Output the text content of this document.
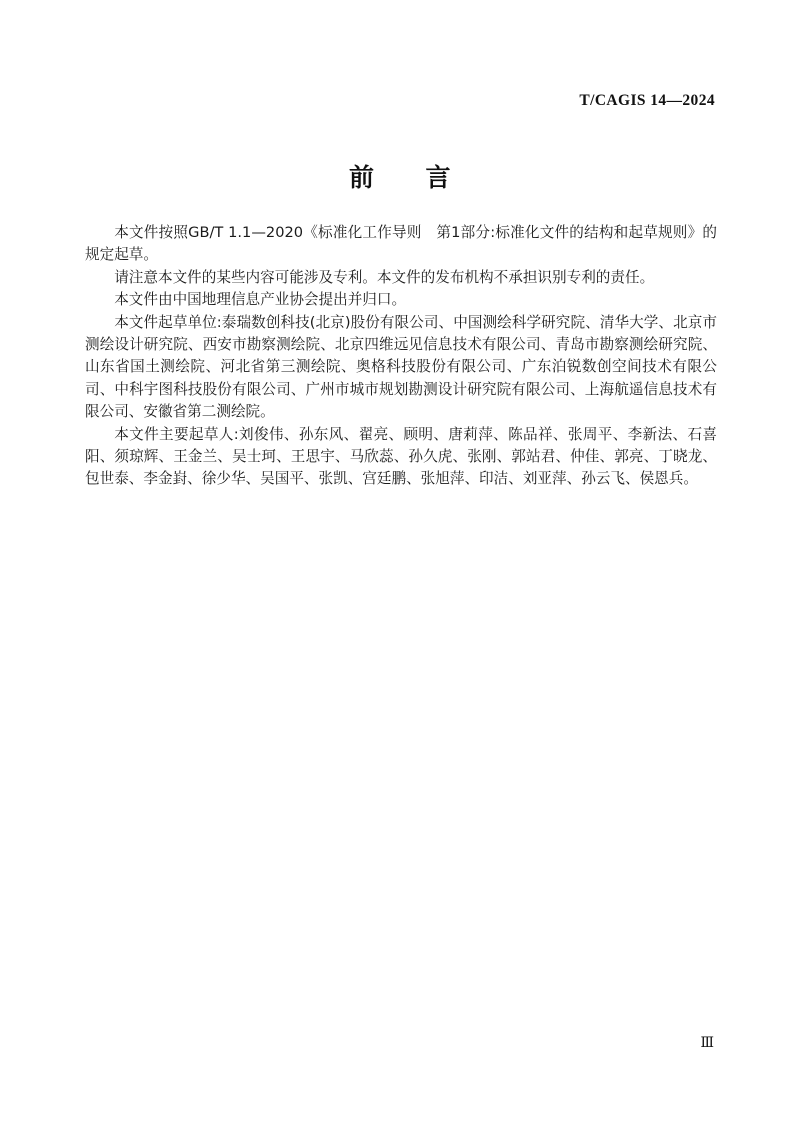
T/CAGIS 14—2024
前　　言

本文件按照GB/T 1.1—2020《标准化工作导则　第1部分:标准化文件的结构和起草规则》的规定起草。

请注意本文件的某些内容可能涉及专利。本文件的发布机构不承担识别专利的责任。

本文件由中国地理信息产业协会提出并归口。

本文件起草单位:泰瑞数创科技(北京)股份有限公司、中国测绘科学研究院、清华大学、北京市测绘设计研究院、西安市勘察测绘院、北京四维远见信息技术有限公司、青岛市勘察测绘研究院、山东省国土测绘院、河北省第三测绘院、奥格科技股份有限公司、广东泊锐数创空间技术有限公司、中科宇图科技股份有限公司、广州市城市规划勘测设计研究院有限公司、上海航遥信息技术有限公司、安徽省第二测绘院。

本文件主要起草人:刘俊伟、孙东风、翟亮、顾明、唐莉萍、陈品祥、张周平、李新法、石喜阳、须琼辉、王金兰、吴士珂、王思宇、马欣蕊、孙久虎、张刚、郭站君、仲佳、郭亮、丁晓龙、包世泰、李金崶、徐少华、吴国平、张凯、宫廷鹏、张旭萍、印洁、刘亚萍、孙云飞、侯恩兵。

Ⅲ
